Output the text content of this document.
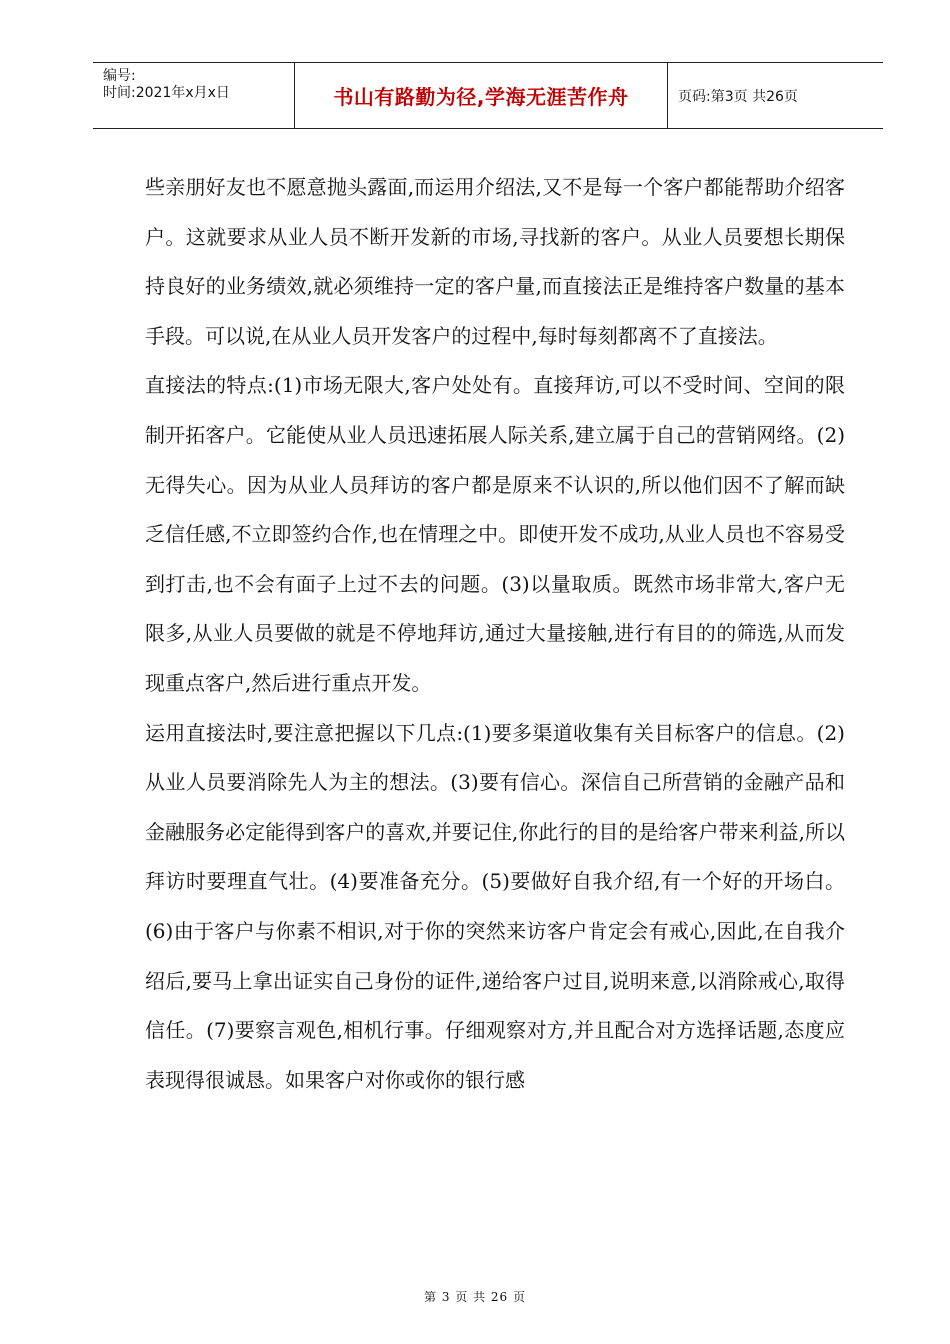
编号:
时间:2021年x月x日	书山有路勤为径,学海无涯苦作舟	页码:第3页 共26页

些亲朋好友也不愿意抛头露面,而运用介绍法,又不是每一个客户都能帮助介绍客户。这就要求从业人员不断开发新的市场,寻找新的客户。从业人员要想长期保持良好的业务绩效,就必须维持一定的客户量,而直接法正是维持客户数量的基本手段。可以说,在从业人员开发客户的过程中,每时每刻都离不了直接法。

直接法的特点:(1)市场无限大,客户处处有。直接拜访,可以不受时间、空间的限制开拓客户。它能使从业人员迅速拓展人际关系,建立属于自己的营销网络。(2)无得失心。因为从业人员拜访的客户都是原来不认识的,所以他们因不了解而缺乏信任感,不立即签约合作,也在情理之中。即使开发不成功,从业人员也不容易受到打击,也不会有面子上过不去的问题。(3)以量取质。既然市场非常大,客户无限多,从业人员要做的就是不停地拜访,通过大量接触,进行有目的的筛选,从而发现重点客户,然后进行重点开发。

运用直接法时,要注意把握以下几点:(1)要多渠道收集有关目标客户的信息。(2)从业人员要消除先人为主的想法。(3)要有信心。深信自己所营销的金融产品和金融服务必定能得到客户的喜欢,并要记住,你此行的目的是给客户带来利益,所以拜访时要理直气壮。(4)要准备充分。(5)要做好自我介绍,有一个好的开场白。(6)由于客户与你素不相识,对于你的突然来访客户肯定会有戒心,因此,在自我介绍后,要马上拿出证实自己身份的证件,递给客户过目,说明来意,以消除戒心,取得信任。(7)要察言观色,相机行事。仔细观察对方,并且配合对方选择话题,态度应表现得很诚恳。如果客户对你或你的银行感

第 3 页 共 26 页
